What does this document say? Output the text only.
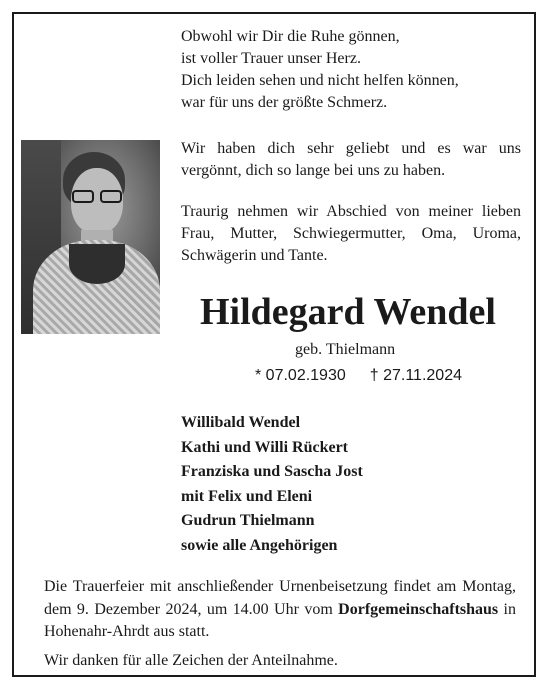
Obwohl wir Dir die Ruhe gönnen,
ist voller Trauer unser Herz.
Dich leiden sehen und nicht helfen können,
war für uns der größte Schmerz.

Wir haben dich sehr geliebt und es war uns vergönnt, dich so lange bei uns zu haben.

Traurig nehmen wir Abschied von meiner lieben Frau, Mutter, Schwiegermutter, Oma, Uroma, Schwägerin und Tante.

Hildegard Wendel
geb. Thielmann
* 07.02.1930 † 27.11.2024
Willibald Wendel
Kathi und Willi Rückert
Franziska und Sascha Jost
mit Felix und Eleni
Gudrun Thielmann
sowie alle Angehörigen

Die Trauerfeier mit anschließender Urnenbeisetzung findet am Montag, dem 9. Dezember 2024, um 14.00 Uhr vom Dorfgemeinschaftshaus in Hohenahr-Ahrdt aus statt.

Wir danken für alle Zeichen der Anteilnahme.
